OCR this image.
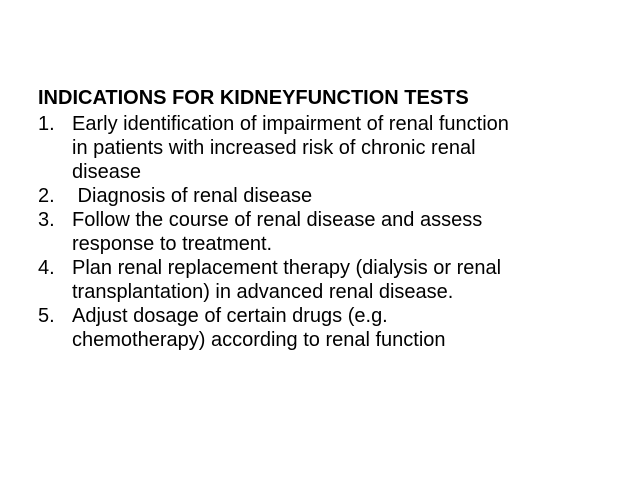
INDICATIONS FOR KIDNEYFUNCTION TESTS
1. Early identification of impairment of renal function
in patients with increased risk of chronic renal
disease
2. Diagnosis of renal disease
3. Follow the course of renal disease and assess
response to treatment.
4. Plan renal replacement therapy (dialysis or renal
transplantation) in advanced renal disease.
5. Adjust dosage of certain drugs (e.g.
chemotherapy) according to renal function
